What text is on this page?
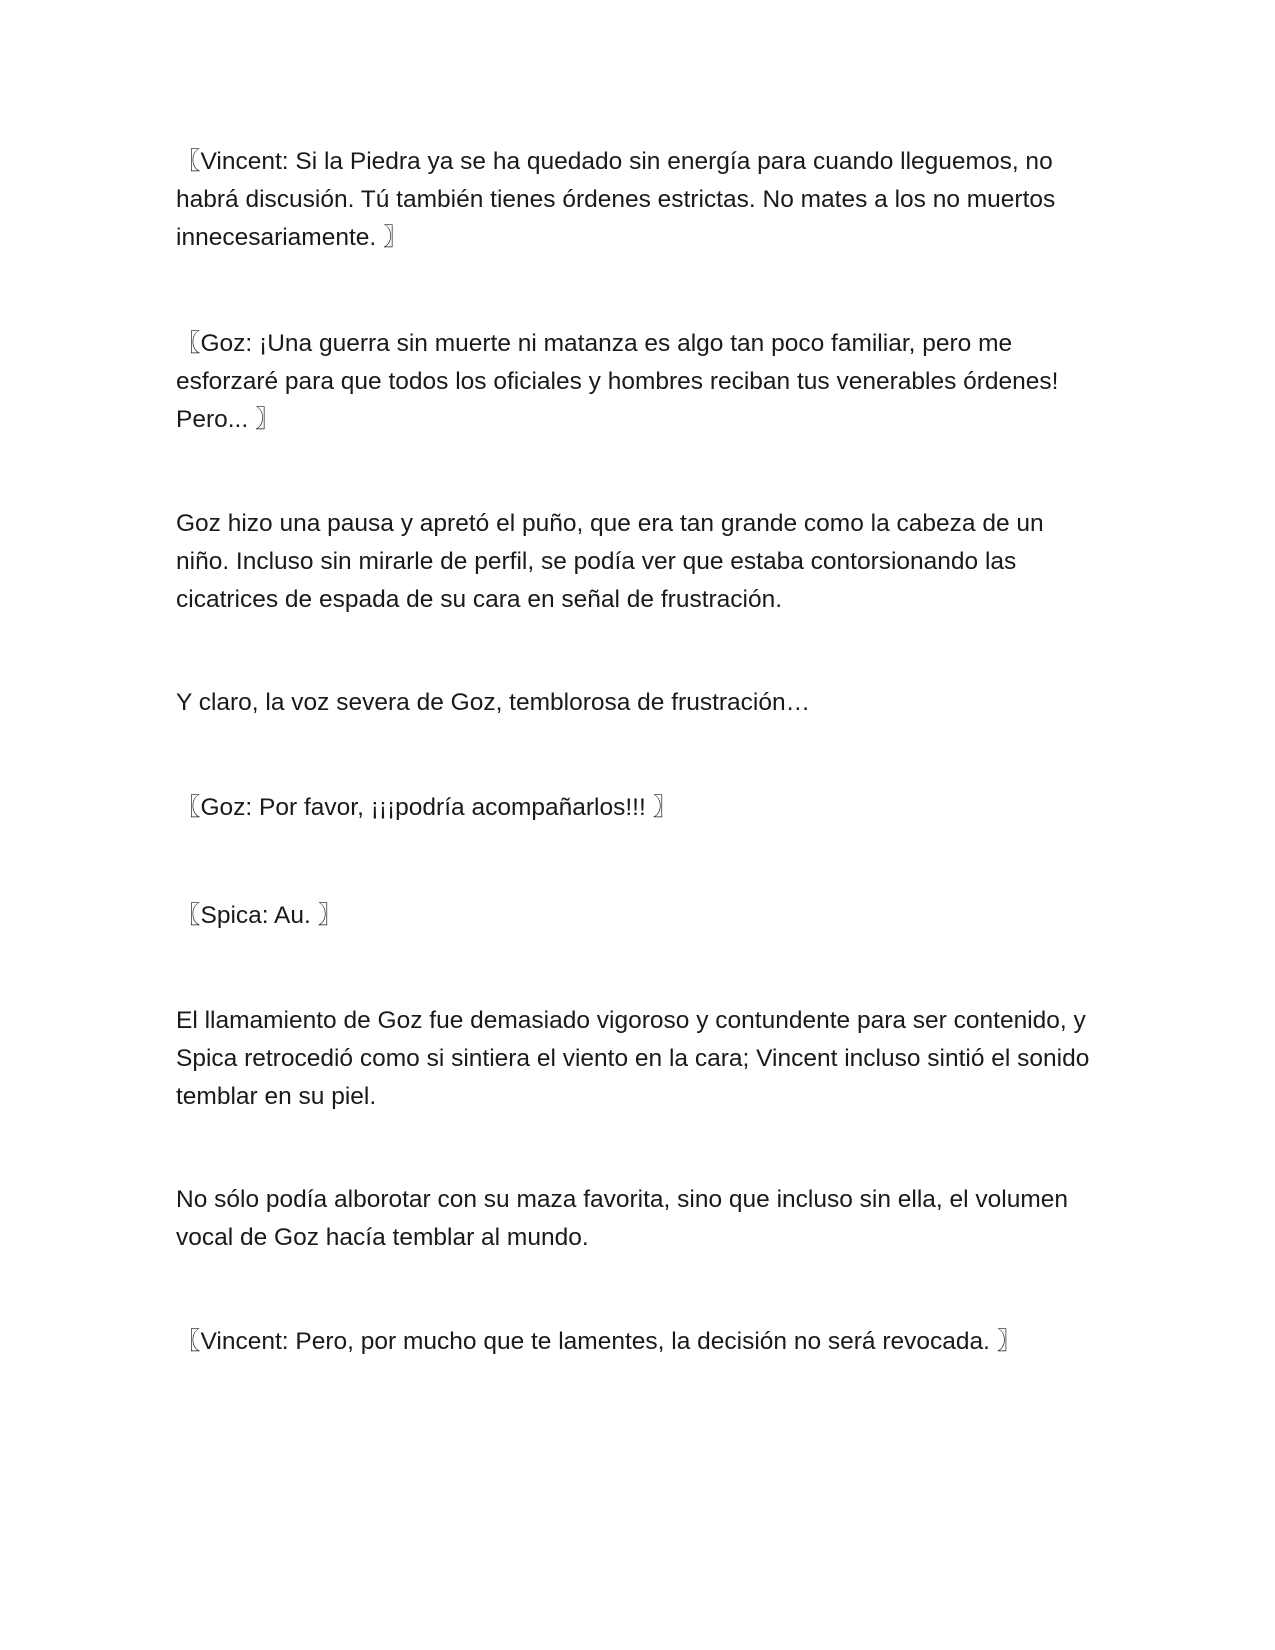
〖Vincent: Si la Piedra ya se ha quedado sin energía para cuando lleguemos, no habrá discusión. Tú también tienes órdenes estrictas. No mates a los no muertos innecesariamente. 〗

〖Goz: ¡Una guerra sin muerte ni matanza es algo tan poco familiar, pero me esforzaré para que todos los oficiales y hombres reciban tus venerables órdenes! Pero... 〗

Goz hizo una pausa y apretó el puño, que era tan grande como la cabeza de un niño. Incluso sin mirarle de perfil, se podía ver que estaba contorsionando las cicatrices de espada de su cara en señal de frustración.

Y claro, la voz severa de Goz, temblorosa de frustración…

〖Goz: Por favor, ¡¡¡podría acompañarlos!!! 〗

〖Spica: Au. 〗

El llamamiento de Goz fue demasiado vigoroso y contundente para ser contenido, y Spica retrocedió como si sintiera el viento en la cara; Vincent incluso sintió el sonido temblar en su piel.

No sólo podía alborotar con su maza favorita, sino que incluso sin ella, el volumen vocal de Goz hacía temblar al mundo.

〖Vincent: Pero, por mucho que te lamentes, la decisión no será revocada. 〗
